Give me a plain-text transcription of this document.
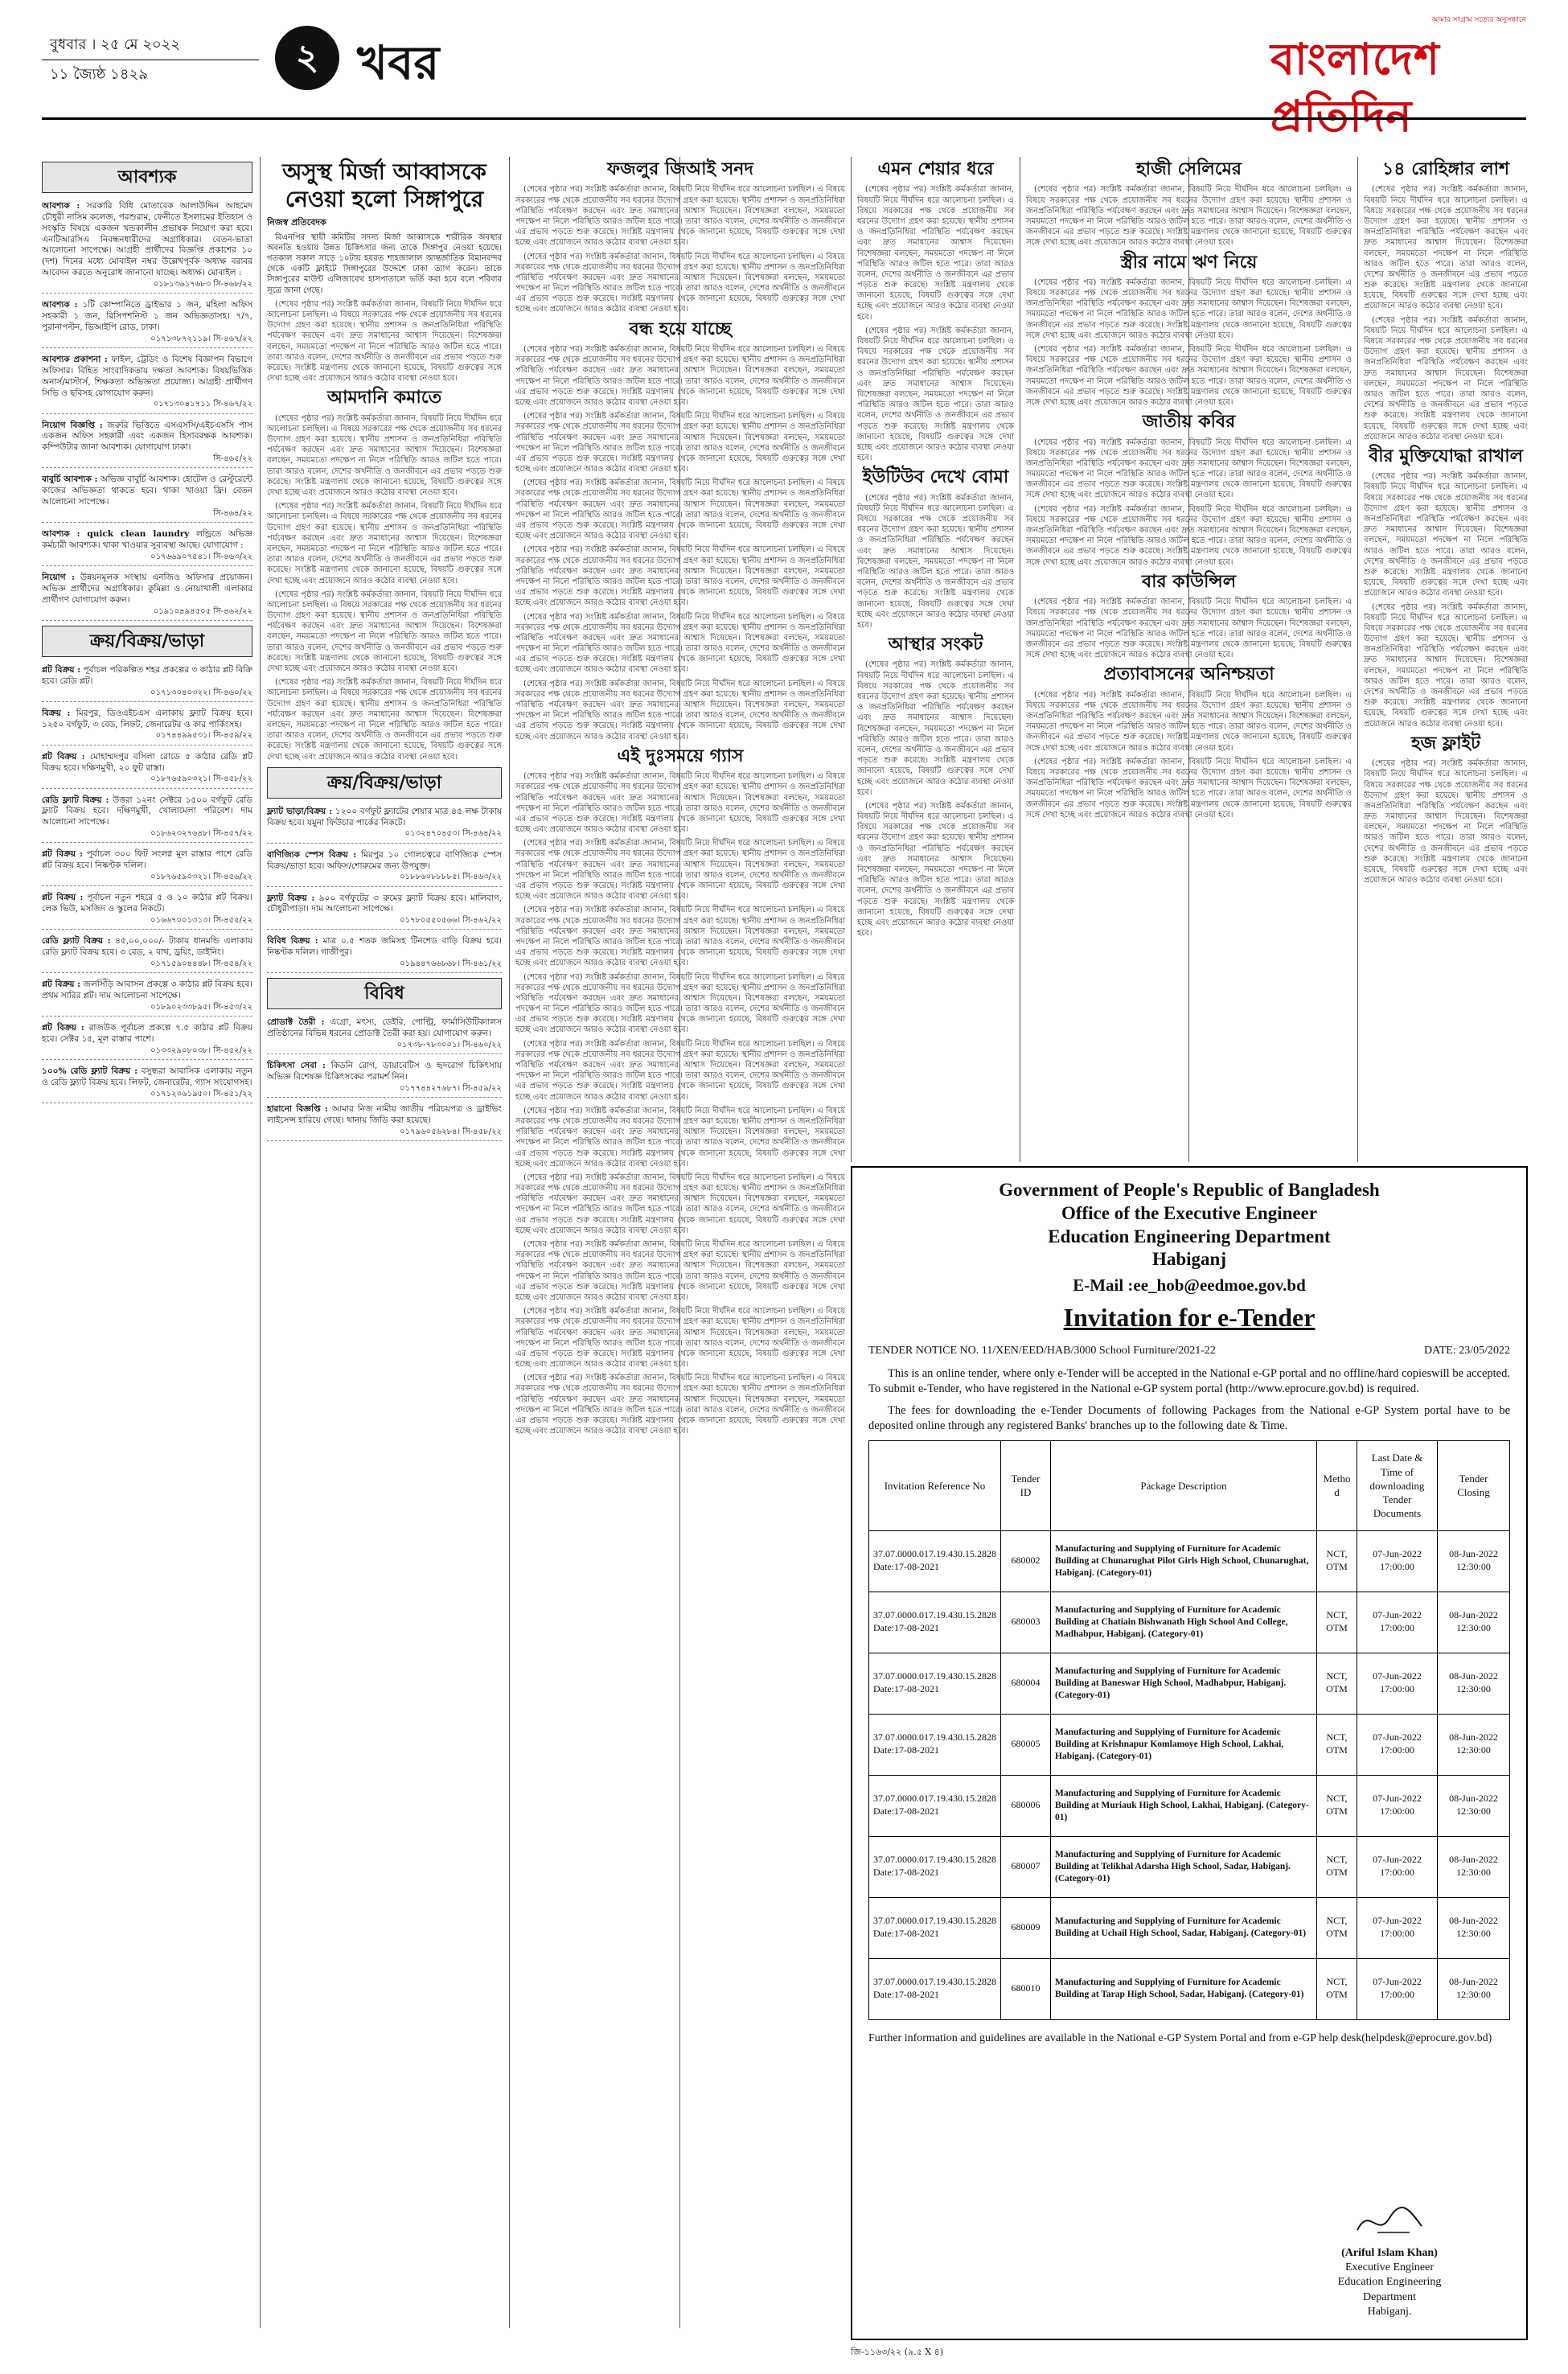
বুধবার । ২৫ মে ২০২২
১১ জ্যৈষ্ঠ ১৪২৯	২ খবর
আমার সংগ্রাম সত্যের অনুসন্ধানে
বাংলাদেশ প্রতিদিন
আবশ্যক
আবশ্যক : সরকারি বিধি মোতাবেক আলাউদ্দিন আহমেদ চৌধুরী নাসিম কলেজ, পরশুরাম, ফেনীতে ইসলামের ইতিহাস ও সংস্কৃতি বিষয়ে একজন খন্ডকালীন প্রভাষক নিয়োগ করা হবে। এনটিআরসিএ নিবন্ধনধারীদের অগ্রাধিকার। বেতন-ভাতা আলোচনা সাপেক্ষে। আগ্রহী প্রার্থীদের বিজ্ঞপ্তি প্রকাশের ১০ (দশ) দিনের মধ্যে মোবাইল নম্বর উল্লেখপূর্বক অধ্যক্ষ বরাবর আবেদন করতে অনুরোধ জানানো যাচ্ছে। অধ্যক্ষ। মোবাইল :
০১৮১৩৬১৭৬৮৩ সি-৪৬৮/২২
আবশ্যক : ১টি কোম্পানিতে ড্রাইভার ১ জন, মহিলা অফিস সহকারী ১ জন, রিসিপশনিস্ট ১ জন অভিজ্ঞতাসহ। ৭/৭, পুরানাপল্টন, ভিআইপি রোড, ঢাকা।
০১৭১৩৮৭২১১৯। সি-৪৬৭/২২
আবশ্যক প্রকাশনা : ফাইল, ট্রেডিং ও বিশেষ বিজ্ঞাপন বিভাগে অফিসার। বিহিত সাংবাদিকতায় দক্ষতা আবশ্যক। বিষয়ভিত্তিক অনার্স/মাস্টার্স, শিক্ষকতা অভিজ্ঞতা প্রযোজ্য। আগ্রহী প্রার্থীগণ সিভি ও ছবিসহ যোগাযোগ করুন।
০১৭১৩০৪১৭১১ সি-৪৬৭/২২
নিয়োগ বিজ্ঞপ্তি : জরুরি ভিত্তিতে এসএসসি/এইচএসসি পাস একজন অফিস সহকারী এবং একজন হিসাবরক্ষক আবশ্যক। কম্পিউটার জানা আবশ্যক। যোগাযোগ ঢাকা।
সি-৪৬৫/২২
বাবুর্চি আবশ্যক : অভিজ্ঞ বাবুর্চি আবশ্যক। হোটেল ও রেস্টুরেন্টে কাজের অভিজ্ঞতা থাকতে হবে। থাকা খাওয়া ফ্রি। বেতন আলোচনা সাপেক্ষে।
সি-৪৬৪/২২
আবশ্যক : quick clean laundry লন্ড্রিতে অভিজ্ঞ কর্মচারী আবশ্যক। থাকা খাওয়ার সুব্যবস্থা আছে। যোগাযোগ :
০১৭৬৬৯০৭৫৪১। সি-৪৬৩/২২
নিয়োগ : উন্নয়নমূলক সংস্থায় এনজিও অফিসার প্রয়োজন। অভিজ্ঞ প্রার্থীদের অগ্রাধিকার। কুমিল্লা ও নোয়াখালী এলাকার প্রার্থীগণ যোগাযোগ করুন।
০১৯১০৪৯৪৫০৫ সি-৪৬২/২২
ক্রয়/বিক্রয়/ভাড়া
প্লট বিক্রয় : পূর্বাচল পরিকল্পিত শহর প্রকল্পের ৩ কাঠার প্লট বিক্রি হবে। রেডি প্লট।
০১৭১৩০৪০৩২২। সি-৪৬০/২২
বিক্রয় : মিরপুর, ডিওএইচএস এলাকায় ফ্ল্যাট বিক্রয় হবে। ১২৫০ বর্গফুট, ৩ বেড, লিফট, জেনারেটর ও কার পার্কিংসহ।
০১৭৪৪৯৯৫৩১। সি-৪৫৯/২২
প্লট বিক্রয় : মোহাম্মদপুর বসিলা রোডে ৫ কাঠার রেডি প্লট বিক্রয় হবে। দক্ষিণমুখী, ২০ ফুট রাস্তা।
০১৮৭৬৫৯০৩২১। সি-৪৫৮/২২
রেডি ফ্ল্যাট বিক্রয় : উত্তরা ১২নং সেক্টরে ১৫০০ বর্গফুট রেডি ফ্ল্যাট বিক্রয় হবে। দক্ষিণমুখী, খোলামেলা পরিবেশ। দাম আলোচনা সাপেক্ষে।
০১৮৬২৩২৭৬৪৮। সি-৪৫৭/২২
প্লট বিক্রয় : পূর্বাচল ৩০০ ফিট সংলগ্ন মূল রাস্তার পাশে রেডি প্লট বিক্রয় হবে। নিষ্কণ্টক দলিল।
০১৮৭৬৫৯০৩২১। সি-৪৫৬/২২
প্লট বিক্রয় : পূর্বাচল নতুন শহরে ৫ ও ১০ কাঠার প্লট বিক্রয়। লেক ভিউ, মসজিদ ও স্কুলের নিকটে।
০১৬৬৭০০১৩১৩। সি-৪৫৫/২২
রেডি ফ্ল্যাট বিক্রয় : ৪৫,০০,০০০/- টাকায় ধানমন্ডি এলাকায় রেডি ফ্ল্যাট বিক্রয় হবে। ৩ বেড, ২ বাথ, ড্রয়িং, ডাইনিং।
০১৭১৫৯০৪৪৪৮। সি-৪৫৪/২২
প্লট বিক্রয় : জলসিঁড়ি আবাসন প্রকল্পে ৩ কাঠার প্লট বিক্রয় হবে। প্রথম সারির প্লট। দাম আলোচনা সাপেক্ষে।
০১৮৯০২৩৩৮৯৫। সি-৪৫৩/২২
প্লট বিক্রয় : রাজউক পূর্বাচল প্রকল্পে ৭.৫ কাঠার প্লট বিক্রয় হবে। সেক্টর ১৫, মূল রাস্তার পাশে।
০১৩৩২৯০৮০৩৮। সি-৪৫২/২২
১০০% রেডি ফ্ল্যাট বিক্রয় : বসুন্ধরা আবাসিক এলাকায় নতুন ও রেডি ফ্ল্যাট বিক্রয় হবে। লিফট, জেনারেটর, গ্যাস সংযোগসহ।
০১৭১২০৬১৯৫০। সি-৪৫১/২২
অসুস্থ মির্জা আব্বাসকে নেওয়া হলো সিঙ্গাপুরে
নিজস্ব প্রতিবেদক

বিএনপির স্থায়ী কমিটির সদস্য মির্জা আব্বাসকে শারীরিক অবস্থার অবনতি হওয়ায় উন্নত চিকিৎসার জন্য তাকে সিঙ্গাপুর নেওয়া হয়েছে। গতকাল সকাল সাড়ে ১০টায় হযরত শাহজালাল আন্তর্জাতিক বিমানবন্দর থেকে একটি ফ্লাইটে সিঙ্গাপুরের উদ্দেশে ঢাকা ত্যাগ করেন। তাকে সিঙ্গাপুরের মাউন্ট এলিজাবেথ হাসপাতালে ভর্তি করা হবে বলে পরিবার সূত্রে জানা গেছে।

(শেষের পৃষ্ঠার পর) সংশ্লিষ্ট কর্মকর্তারা জানান, বিষয়টি নিয়ে দীর্ঘদিন ধরে আলোচনা চলছিল। এ বিষয়ে সরকারের পক্ষ থেকে প্রয়োজনীয় সব ধরনের উদ্যোগ গ্রহণ করা হয়েছে। স্থানীয় প্রশাসন ও জনপ্রতিনিধিরা পরিস্থিতি পর্যবেক্ষণ করছেন এবং দ্রুত সমাধানের আশ্বাস দিয়েছেন। বিশেষজ্ঞরা বলছেন, সময়মতো পদক্ষেপ না নিলে পরিস্থিতি আরও জটিল হতে পারে। তারা আরও বলেন, দেশের অর্থনীতি ও জনজীবনে এর প্রভাব পড়তে শুরু করেছে। সংশ্লিষ্ট মন্ত্রণালয় থেকে জানানো হয়েছে, বিষয়টি গুরুত্বের সঙ্গে দেখা হচ্ছে এবং প্রয়োজনে আরও কঠোর ব্যবস্থা নেওয়া হবে।

আমদানি কমাতে

(শেষের পৃষ্ঠার পর) সংশ্লিষ্ট কর্মকর্তারা জানান, বিষয়টি নিয়ে দীর্ঘদিন ধরে আলোচনা চলছিল। এ বিষয়ে সরকারের পক্ষ থেকে প্রয়োজনীয় সব ধরনের উদ্যোগ গ্রহণ করা হয়েছে। স্থানীয় প্রশাসন ও জনপ্রতিনিধিরা পরিস্থিতি পর্যবেক্ষণ করছেন এবং দ্রুত সমাধানের আশ্বাস দিয়েছেন। বিশেষজ্ঞরা বলছেন, সময়মতো পদক্ষেপ না নিলে পরিস্থিতি আরও জটিল হতে পারে। তারা আরও বলেন, দেশের অর্থনীতি ও জনজীবনে এর প্রভাব পড়তে শুরু করেছে। সংশ্লিষ্ট মন্ত্রণালয় থেকে জানানো হয়েছে, বিষয়টি গুরুত্বের সঙ্গে দেখা হচ্ছে এবং প্রয়োজনে আরও কঠোর ব্যবস্থা নেওয়া হবে।

(শেষের পৃষ্ঠার পর) সংশ্লিষ্ট কর্মকর্তারা জানান, বিষয়টি নিয়ে দীর্ঘদিন ধরে আলোচনা চলছিল। এ বিষয়ে সরকারের পক্ষ থেকে প্রয়োজনীয় সব ধরনের উদ্যোগ গ্রহণ করা হয়েছে। স্থানীয় প্রশাসন ও জনপ্রতিনিধিরা পরিস্থিতি পর্যবেক্ষণ করছেন এবং দ্রুত সমাধানের আশ্বাস দিয়েছেন। বিশেষজ্ঞরা বলছেন, সময়মতো পদক্ষেপ না নিলে পরিস্থিতি আরও জটিল হতে পারে। তারা আরও বলেন, দেশের অর্থনীতি ও জনজীবনে এর প্রভাব পড়তে শুরু করেছে। সংশ্লিষ্ট মন্ত্রণালয় থেকে জানানো হয়েছে, বিষয়টি গুরুত্বের সঙ্গে দেখা হচ্ছে এবং প্রয়োজনে আরও কঠোর ব্যবস্থা নেওয়া হবে।

(শেষের পৃষ্ঠার পর) সংশ্লিষ্ট কর্মকর্তারা জানান, বিষয়টি নিয়ে দীর্ঘদিন ধরে আলোচনা চলছিল। এ বিষয়ে সরকারের পক্ষ থেকে প্রয়োজনীয় সব ধরনের উদ্যোগ গ্রহণ করা হয়েছে। স্থানীয় প্রশাসন ও জনপ্রতিনিধিরা পরিস্থিতি পর্যবেক্ষণ করছেন এবং দ্রুত সমাধানের আশ্বাস দিয়েছেন। বিশেষজ্ঞরা বলছেন, সময়মতো পদক্ষেপ না নিলে পরিস্থিতি আরও জটিল হতে পারে। তারা আরও বলেন, দেশের অর্থনীতি ও জনজীবনে এর প্রভাব পড়তে শুরু করেছে। সংশ্লিষ্ট মন্ত্রণালয় থেকে জানানো হয়েছে, বিষয়টি গুরুত্বের সঙ্গে দেখা হচ্ছে এবং প্রয়োজনে আরও কঠোর ব্যবস্থা নেওয়া হবে।

(শেষের পৃষ্ঠার পর) সংশ্লিষ্ট কর্মকর্তারা জানান, বিষয়টি নিয়ে দীর্ঘদিন ধরে আলোচনা চলছিল। এ বিষয়ে সরকারের পক্ষ থেকে প্রয়োজনীয় সব ধরনের উদ্যোগ গ্রহণ করা হয়েছে। স্থানীয় প্রশাসন ও জনপ্রতিনিধিরা পরিস্থিতি পর্যবেক্ষণ করছেন এবং দ্রুত সমাধানের আশ্বাস দিয়েছেন। বিশেষজ্ঞরা বলছেন, সময়মতো পদক্ষেপ না নিলে পরিস্থিতি আরও জটিল হতে পারে। তারা আরও বলেন, দেশের অর্থনীতি ও জনজীবনে এর প্রভাব পড়তে শুরু করেছে। সংশ্লিষ্ট মন্ত্রণালয় থেকে জানানো হয়েছে, বিষয়টি গুরুত্বের সঙ্গে দেখা হচ্ছে এবং প্রয়োজনে আরও কঠোর ব্যবস্থা নেওয়া হবে।

ক্রয়/বিক্রয়/ভাড়া
ফ্ল্যাট ভাড়া/বিক্রয় : ১২০০ বর্গফুট ফ্ল্যাটের শেয়ার মাত্র ৪৫ লক্ষ টাকায় বিক্রয় হবে। যমুনা ফিউচার পার্কের নিকটে।
০১৩২৪৭০৪৫৩। সি-৪৬৪/২২
বাণিজ্যিক স্পেস বিক্রয় : মিরপুর ১০ গোলচত্বরে বাণিজ্যিক স্পেস বিক্রয়/ভাড়া হবে। অফিস/শোরুমের জন্য উপযুক্ত।
০১৮৮৬০৮৮৮৮৫। সি-৪৬৩/২২
ফ্ল্যাট বিক্রয় : ৯০০ বর্গফুটের ৩ রুমের ফ্ল্যাট বিক্রয় হবে। মালিবাগ, চৌধুরীপাড়া। দাম আলোচনা সাপেক্ষে।
০১৭৮০৫৫০৫৬৬। সি-৪৬২/২২
বিবিধ বিক্রয় : মাত্র ০.৫ শতক জমিসহ টিনশেড বাড়ি বিক্রয় হবে। নিষ্কণ্টক দলিল। গাজীপুর।
০১৯৪৪৭৬৬৮৬৮। সি-৪৬১/২২
বিবিধ
প্রোডাক্ট তৈরী : এগ্রো, মৎস্য, ডেইরি, পোল্ট্রি, ফার্মাসিউটিক্যালস প্রতিষ্ঠানের বিভিন্ন ধরনের প্রোডাক্ট তৈরী করা হয়। যোগাযোগ করুন।
০১৭৩৮-৭৮৩০০১। সি-৪৬০/২২
চিকিৎসা সেবা : কিডনি রোগ, ডায়াবেটিস ও হৃদরোগ চিকিৎসায় অভিজ্ঞ বিশেষজ্ঞ চিকিৎসকের পরামর্শ নিন।
০১৭৭৪৪২৭৬৮৭। সি-৪৫৯/২২
হারানো বিজ্ঞপ্তি : আমার নিজ নামীয় জাতীয় পরিচয়পত্র ও ড্রাইভিং লাইসেন্স হারিয়ে গেছে। থানায় জিডি করা হয়েছে।
০১৭৯৬০৫৬২৮৪। সি-৪৫৮/২২
ফজলুর জিআই সনদ

(শেষের পৃষ্ঠার পর) সংশ্লিষ্ট কর্মকর্তারা জানান, বিষয়টি নিয়ে দীর্ঘদিন ধরে আলোচনা চলছিল। এ বিষয়ে সরকারের পক্ষ থেকে প্রয়োজনীয় সব ধরনের উদ্যোগ গ্রহণ করা হয়েছে। স্থানীয় প্রশাসন ও জনপ্রতিনিধিরা পরিস্থিতি পর্যবেক্ষণ করছেন এবং দ্রুত সমাধানের আশ্বাস দিয়েছেন। বিশেষজ্ঞরা বলছেন, সময়মতো পদক্ষেপ না নিলে পরিস্থিতি আরও জটিল হতে পারে। তারা আরও বলেন, দেশের অর্থনীতি ও জনজীবনে এর প্রভাব পড়তে শুরু করেছে। সংশ্লিষ্ট মন্ত্রণালয় থেকে জানানো হয়েছে, বিষয়টি গুরুত্বের সঙ্গে দেখা হচ্ছে এবং প্রয়োজনে আরও কঠোর ব্যবস্থা নেওয়া হবে।

(শেষের পৃষ্ঠার পর) সংশ্লিষ্ট কর্মকর্তারা জানান, বিষয়টি নিয়ে দীর্ঘদিন ধরে আলোচনা চলছিল। এ বিষয়ে সরকারের পক্ষ থেকে প্রয়োজনীয় সব ধরনের উদ্যোগ গ্রহণ করা হয়েছে। স্থানীয় প্রশাসন ও জনপ্রতিনিধিরা পরিস্থিতি পর্যবেক্ষণ করছেন এবং দ্রুত সমাধানের আশ্বাস দিয়েছেন। বিশেষজ্ঞরা বলছেন, সময়মতো পদক্ষেপ না নিলে পরিস্থিতি আরও জটিল হতে পারে। তারা আরও বলেন, দেশের অর্থনীতি ও জনজীবনে এর প্রভাব পড়তে শুরু করেছে। সংশ্লিষ্ট মন্ত্রণালয় থেকে জানানো হয়েছে, বিষয়টি গুরুত্বের সঙ্গে দেখা হচ্ছে এবং প্রয়োজনে আরও কঠোর ব্যবস্থা নেওয়া হবে।

বন্ধ হয়ে যাচ্ছে

(শেষের পৃষ্ঠার পর) সংশ্লিষ্ট কর্মকর্তারা জানান, বিষয়টি নিয়ে দীর্ঘদিন ধরে আলোচনা চলছিল। এ বিষয়ে সরকারের পক্ষ থেকে প্রয়োজনীয় সব ধরনের উদ্যোগ গ্রহণ করা হয়েছে। স্থানীয় প্রশাসন ও জনপ্রতিনিধিরা পরিস্থিতি পর্যবেক্ষণ করছেন এবং দ্রুত সমাধানের আশ্বাস দিয়েছেন। বিশেষজ্ঞরা বলছেন, সময়মতো পদক্ষেপ না নিলে পরিস্থিতি আরও জটিল হতে পারে। তারা আরও বলেন, দেশের অর্থনীতি ও জনজীবনে এর প্রভাব পড়তে শুরু করেছে। সংশ্লিষ্ট মন্ত্রণালয় থেকে জানানো হয়েছে, বিষয়টি গুরুত্বের সঙ্গে দেখা হচ্ছে এবং প্রয়োজনে আরও কঠোর ব্যবস্থা নেওয়া হবে।

(শেষের পৃষ্ঠার পর) সংশ্লিষ্ট কর্মকর্তারা জানান, বিষয়টি নিয়ে দীর্ঘদিন ধরে আলোচনা চলছিল। এ বিষয়ে সরকারের পক্ষ থেকে প্রয়োজনীয় সব ধরনের উদ্যোগ গ্রহণ করা হয়েছে। স্থানীয় প্রশাসন ও জনপ্রতিনিধিরা পরিস্থিতি পর্যবেক্ষণ করছেন এবং দ্রুত সমাধানের আশ্বাস দিয়েছেন। বিশেষজ্ঞরা বলছেন, সময়মতো পদক্ষেপ না নিলে পরিস্থিতি আরও জটিল হতে পারে। তারা আরও বলেন, দেশের অর্থনীতি ও জনজীবনে এর প্রভাব পড়তে শুরু করেছে। সংশ্লিষ্ট মন্ত্রণালয় থেকে জানানো হয়েছে, বিষয়টি গুরুত্বের সঙ্গে দেখা হচ্ছে এবং প্রয়োজনে আরও কঠোর ব্যবস্থা নেওয়া হবে।

(শেষের পৃষ্ঠার পর) সংশ্লিষ্ট কর্মকর্তারা জানান, বিষয়টি নিয়ে দীর্ঘদিন ধরে আলোচনা চলছিল। এ বিষয়ে সরকারের পক্ষ থেকে প্রয়োজনীয় সব ধরনের উদ্যোগ গ্রহণ করা হয়েছে। স্থানীয় প্রশাসন ও জনপ্রতিনিধিরা পরিস্থিতি পর্যবেক্ষণ করছেন এবং দ্রুত সমাধানের আশ্বাস দিয়েছেন। বিশেষজ্ঞরা বলছেন, সময়মতো পদক্ষেপ না নিলে পরিস্থিতি আরও জটিল হতে পারে। তারা আরও বলেন, দেশের অর্থনীতি ও জনজীবনে এর প্রভাব পড়তে শুরু করেছে। সংশ্লিষ্ট মন্ত্রণালয় থেকে জানানো হয়েছে, বিষয়টি গুরুত্বের সঙ্গে দেখা হচ্ছে এবং প্রয়োজনে আরও কঠোর ব্যবস্থা নেওয়া হবে।

(শেষের পৃষ্ঠার পর) সংশ্লিষ্ট কর্মকর্তারা জানান, বিষয়টি নিয়ে দীর্ঘদিন ধরে আলোচনা চলছিল। এ বিষয়ে সরকারের পক্ষ থেকে প্রয়োজনীয় সব ধরনের উদ্যোগ গ্রহণ করা হয়েছে। স্থানীয় প্রশাসন ও জনপ্রতিনিধিরা পরিস্থিতি পর্যবেক্ষণ করছেন এবং দ্রুত সমাধানের আশ্বাস দিয়েছেন। বিশেষজ্ঞরা বলছেন, সময়মতো পদক্ষেপ না নিলে পরিস্থিতি আরও জটিল হতে পারে। তারা আরও বলেন, দেশের অর্থনীতি ও জনজীবনে এর প্রভাব পড়তে শুরু করেছে। সংশ্লিষ্ট মন্ত্রণালয় থেকে জানানো হয়েছে, বিষয়টি গুরুত্বের সঙ্গে দেখা হচ্ছে এবং প্রয়োজনে আরও কঠোর ব্যবস্থা নেওয়া হবে।

(শেষের পৃষ্ঠার পর) সংশ্লিষ্ট কর্মকর্তারা জানান, বিষয়টি নিয়ে দীর্ঘদিন ধরে আলোচনা চলছিল। এ বিষয়ে সরকারের পক্ষ থেকে প্রয়োজনীয় সব ধরনের উদ্যোগ গ্রহণ করা হয়েছে। স্থানীয় প্রশাসন ও জনপ্রতিনিধিরা পরিস্থিতি পর্যবেক্ষণ করছেন এবং দ্রুত সমাধানের আশ্বাস দিয়েছেন। বিশেষজ্ঞরা বলছেন, সময়মতো পদক্ষেপ না নিলে পরিস্থিতি আরও জটিল হতে পারে। তারা আরও বলেন, দেশের অর্থনীতি ও জনজীবনে এর প্রভাব পড়তে শুরু করেছে। সংশ্লিষ্ট মন্ত্রণালয় থেকে জানানো হয়েছে, বিষয়টি গুরুত্বের সঙ্গে দেখা হচ্ছে এবং প্রয়োজনে আরও কঠোর ব্যবস্থা নেওয়া হবে।

(শেষের পৃষ্ঠার পর) সংশ্লিষ্ট কর্মকর্তারা জানান, বিষয়টি নিয়ে দীর্ঘদিন ধরে আলোচনা চলছিল। এ বিষয়ে সরকারের পক্ষ থেকে প্রয়োজনীয় সব ধরনের উদ্যোগ গ্রহণ করা হয়েছে। স্থানীয় প্রশাসন ও জনপ্রতিনিধিরা পরিস্থিতি পর্যবেক্ষণ করছেন এবং দ্রুত সমাধানের আশ্বাস দিয়েছেন। বিশেষজ্ঞরা বলছেন, সময়মতো পদক্ষেপ না নিলে পরিস্থিতি আরও জটিল হতে পারে। তারা আরও বলেন, দেশের অর্থনীতি ও জনজীবনে এর প্রভাব পড়তে শুরু করেছে। সংশ্লিষ্ট মন্ত্রণালয় থেকে জানানো হয়েছে, বিষয়টি গুরুত্বের সঙ্গে দেখা হচ্ছে এবং প্রয়োজনে আরও কঠোর ব্যবস্থা নেওয়া হবে।

এই দুঃসময়ে গ্যাস

(শেষের পৃষ্ঠার পর) সংশ্লিষ্ট কর্মকর্তারা জানান, বিষয়টি নিয়ে দীর্ঘদিন ধরে আলোচনা চলছিল। এ বিষয়ে সরকারের পক্ষ থেকে প্রয়োজনীয় সব ধরনের উদ্যোগ গ্রহণ করা হয়েছে। স্থানীয় প্রশাসন ও জনপ্রতিনিধিরা পরিস্থিতি পর্যবেক্ষণ করছেন এবং দ্রুত সমাধানের আশ্বাস দিয়েছেন। বিশেষজ্ঞরা বলছেন, সময়মতো পদক্ষেপ না নিলে পরিস্থিতি আরও জটিল হতে পারে। তারা আরও বলেন, দেশের অর্থনীতি ও জনজীবনে এর প্রভাব পড়তে শুরু করেছে। সংশ্লিষ্ট মন্ত্রণালয় থেকে জানানো হয়েছে, বিষয়টি গুরুত্বের সঙ্গে দেখা হচ্ছে এবং প্রয়োজনে আরও কঠোর ব্যবস্থা নেওয়া হবে।

(শেষের পৃষ্ঠার পর) সংশ্লিষ্ট কর্মকর্তারা জানান, বিষয়টি নিয়ে দীর্ঘদিন ধরে আলোচনা চলছিল। এ বিষয়ে সরকারের পক্ষ থেকে প্রয়োজনীয় সব ধরনের উদ্যোগ গ্রহণ করা হয়েছে। স্থানীয় প্রশাসন ও জনপ্রতিনিধিরা পরিস্থিতি পর্যবেক্ষণ করছেন এবং দ্রুত সমাধানের আশ্বাস দিয়েছেন। বিশেষজ্ঞরা বলছেন, সময়মতো পদক্ষেপ না নিলে পরিস্থিতি আরও জটিল হতে পারে। তারা আরও বলেন, দেশের অর্থনীতি ও জনজীবনে এর প্রভাব পড়তে শুরু করেছে। সংশ্লিষ্ট মন্ত্রণালয় থেকে জানানো হয়েছে, বিষয়টি গুরুত্বের সঙ্গে দেখা হচ্ছে এবং প্রয়োজনে আরও কঠোর ব্যবস্থা নেওয়া হবে।

(শেষের পৃষ্ঠার পর) সংশ্লিষ্ট কর্মকর্তারা জানান, বিষয়টি নিয়ে দীর্ঘদিন ধরে আলোচনা চলছিল। এ বিষয়ে সরকারের পক্ষ থেকে প্রয়োজনীয় সব ধরনের উদ্যোগ গ্রহণ করা হয়েছে। স্থানীয় প্রশাসন ও জনপ্রতিনিধিরা পরিস্থিতি পর্যবেক্ষণ করছেন এবং দ্রুত সমাধানের আশ্বাস দিয়েছেন। বিশেষজ্ঞরা বলছেন, সময়মতো পদক্ষেপ না নিলে পরিস্থিতি আরও জটিল হতে পারে। তারা আরও বলেন, দেশের অর্থনীতি ও জনজীবনে এর প্রভাব পড়তে শুরু করেছে। সংশ্লিষ্ট মন্ত্রণালয় থেকে জানানো হয়েছে, বিষয়টি গুরুত্বের সঙ্গে দেখা হচ্ছে এবং প্রয়োজনে আরও কঠোর ব্যবস্থা নেওয়া হবে।

(শেষের পৃষ্ঠার পর) সংশ্লিষ্ট কর্মকর্তারা জানান, বিষয়টি নিয়ে দীর্ঘদিন ধরে আলোচনা চলছিল। এ বিষয়ে সরকারের পক্ষ থেকে প্রয়োজনীয় সব ধরনের উদ্যোগ গ্রহণ করা হয়েছে। স্থানীয় প্রশাসন ও জনপ্রতিনিধিরা পরিস্থিতি পর্যবেক্ষণ করছেন এবং দ্রুত সমাধানের আশ্বাস দিয়েছেন। বিশেষজ্ঞরা বলছেন, সময়মতো পদক্ষেপ না নিলে পরিস্থিতি আরও জটিল হতে পারে। তারা আরও বলেন, দেশের অর্থনীতি ও জনজীবনে এর প্রভাব পড়তে শুরু করেছে। সংশ্লিষ্ট মন্ত্রণালয় থেকে জানানো হয়েছে, বিষয়টি গুরুত্বের সঙ্গে দেখা হচ্ছে এবং প্রয়োজনে আরও কঠোর ব্যবস্থা নেওয়া হবে।

(শেষের পৃষ্ঠার পর) সংশ্লিষ্ট কর্মকর্তারা জানান, বিষয়টি নিয়ে দীর্ঘদিন ধরে আলোচনা চলছিল। এ বিষয়ে সরকারের পক্ষ থেকে প্রয়োজনীয় সব ধরনের উদ্যোগ গ্রহণ করা হয়েছে। স্থানীয় প্রশাসন ও জনপ্রতিনিধিরা পরিস্থিতি পর্যবেক্ষণ করছেন এবং দ্রুত সমাধানের আশ্বাস দিয়েছেন। বিশেষজ্ঞরা বলছেন, সময়মতো পদক্ষেপ না নিলে পরিস্থিতি আরও জটিল হতে পারে। তারা আরও বলেন, দেশের অর্থনীতি ও জনজীবনে এর প্রভাব পড়তে শুরু করেছে। সংশ্লিষ্ট মন্ত্রণালয় থেকে জানানো হয়েছে, বিষয়টি গুরুত্বের সঙ্গে দেখা হচ্ছে এবং প্রয়োজনে আরও কঠোর ব্যবস্থা নেওয়া হবে।

(শেষের পৃষ্ঠার পর) সংশ্লিষ্ট কর্মকর্তারা জানান, বিষয়টি নিয়ে দীর্ঘদিন ধরে আলোচনা চলছিল। এ বিষয়ে সরকারের পক্ষ থেকে প্রয়োজনীয় সব ধরনের উদ্যোগ গ্রহণ করা হয়েছে। স্থানীয় প্রশাসন ও জনপ্রতিনিধিরা পরিস্থিতি পর্যবেক্ষণ করছেন এবং দ্রুত সমাধানের আশ্বাস দিয়েছেন। বিশেষজ্ঞরা বলছেন, সময়মতো পদক্ষেপ না নিলে পরিস্থিতি আরও জটিল হতে পারে। তারা আরও বলেন, দেশের অর্থনীতি ও জনজীবনে এর প্রভাব পড়তে শুরু করেছে। সংশ্লিষ্ট মন্ত্রণালয় থেকে জানানো হয়েছে, বিষয়টি গুরুত্বের সঙ্গে দেখা হচ্ছে এবং প্রয়োজনে আরও কঠোর ব্যবস্থা নেওয়া হবে।

(শেষের পৃষ্ঠার পর) সংশ্লিষ্ট কর্মকর্তারা জানান, বিষয়টি নিয়ে দীর্ঘদিন ধরে আলোচনা চলছিল। এ বিষয়ে সরকারের পক্ষ থেকে প্রয়োজনীয় সব ধরনের উদ্যোগ গ্রহণ করা হয়েছে। স্থানীয় প্রশাসন ও জনপ্রতিনিধিরা পরিস্থিতি পর্যবেক্ষণ করছেন এবং দ্রুত সমাধানের আশ্বাস দিয়েছেন। বিশেষজ্ঞরা বলছেন, সময়মতো পদক্ষেপ না নিলে পরিস্থিতি আরও জটিল হতে পারে। তারা আরও বলেন, দেশের অর্থনীতি ও জনজীবনে এর প্রভাব পড়তে শুরু করেছে। সংশ্লিষ্ট মন্ত্রণালয় থেকে জানানো হয়েছে, বিষয়টি গুরুত্বের সঙ্গে দেখা হচ্ছে এবং প্রয়োজনে আরও কঠোর ব্যবস্থা নেওয়া হবে।

(শেষের পৃষ্ঠার পর) সংশ্লিষ্ট কর্মকর্তারা জানান, বিষয়টি নিয়ে দীর্ঘদিন ধরে আলোচনা চলছিল। এ বিষয়ে সরকারের পক্ষ থেকে প্রয়োজনীয় সব ধরনের উদ্যোগ গ্রহণ করা হয়েছে। স্থানীয় প্রশাসন ও জনপ্রতিনিধিরা পরিস্থিতি পর্যবেক্ষণ করছেন এবং দ্রুত সমাধানের আশ্বাস দিয়েছেন। বিশেষজ্ঞরা বলছেন, সময়মতো পদক্ষেপ না নিলে পরিস্থিতি আরও জটিল হতে পারে। তারা আরও বলেন, দেশের অর্থনীতি ও জনজীবনে এর প্রভাব পড়তে শুরু করেছে। সংশ্লিষ্ট মন্ত্রণালয় থেকে জানানো হয়েছে, বিষয়টি গুরুত্বের সঙ্গে দেখা হচ্ছে এবং প্রয়োজনে আরও কঠোর ব্যবস্থা নেওয়া হবে।

(শেষের পৃষ্ঠার পর) সংশ্লিষ্ট কর্মকর্তারা জানান, বিষয়টি নিয়ে দীর্ঘদিন ধরে আলোচনা চলছিল। এ বিষয়ে সরকারের পক্ষ থেকে প্রয়োজনীয় সব ধরনের উদ্যোগ গ্রহণ করা হয়েছে। স্থানীয় প্রশাসন ও জনপ্রতিনিধিরা পরিস্থিতি পর্যবেক্ষণ করছেন এবং দ্রুত সমাধানের আশ্বাস দিয়েছেন। বিশেষজ্ঞরা বলছেন, সময়মতো পদক্ষেপ না নিলে পরিস্থিতি আরও জটিল হতে পারে। তারা আরও বলেন, দেশের অর্থনীতি ও জনজীবনে এর প্রভাব পড়তে শুরু করেছে। সংশ্লিষ্ট মন্ত্রণালয় থেকে জানানো হয়েছে, বিষয়টি গুরুত্বের সঙ্গে দেখা হচ্ছে এবং প্রয়োজনে আরও কঠোর ব্যবস্থা নেওয়া হবে।

(শেষের পৃষ্ঠার পর) সংশ্লিষ্ট কর্মকর্তারা জানান, বিষয়টি নিয়ে দীর্ঘদিন ধরে আলোচনা চলছিল। এ বিষয়ে সরকারের পক্ষ থেকে প্রয়োজনীয় সব ধরনের উদ্যোগ গ্রহণ করা হয়েছে। স্থানীয় প্রশাসন ও জনপ্রতিনিধিরা পরিস্থিতি পর্যবেক্ষণ করছেন এবং দ্রুত সমাধানের আশ্বাস দিয়েছেন। বিশেষজ্ঞরা বলছেন, সময়মতো পদক্ষেপ না নিলে পরিস্থিতি আরও জটিল হতে পারে। তারা আরও বলেন, দেশের অর্থনীতি ও জনজীবনে এর প্রভাব পড়তে শুরু করেছে। সংশ্লিষ্ট মন্ত্রণালয় থেকে জানানো হয়েছে, বিষয়টি গুরুত্বের সঙ্গে দেখা হচ্ছে এবং প্রয়োজনে আরও কঠোর ব্যবস্থা নেওয়া হবে।

এমন শেয়ার ধরে

(শেষের পৃষ্ঠার পর) সংশ্লিষ্ট কর্মকর্তারা জানান, বিষয়টি নিয়ে দীর্ঘদিন ধরে আলোচনা চলছিল। এ বিষয়ে সরকারের পক্ষ থেকে প্রয়োজনীয় সব ধরনের উদ্যোগ গ্রহণ করা হয়েছে। স্থানীয় প্রশাসন ও জনপ্রতিনিধিরা পরিস্থিতি পর্যবেক্ষণ করছেন এবং দ্রুত সমাধানের আশ্বাস দিয়েছেন। বিশেষজ্ঞরা বলছেন, সময়মতো পদক্ষেপ না নিলে পরিস্থিতি আরও জটিল হতে পারে। তারা আরও বলেন, দেশের অর্থনীতি ও জনজীবনে এর প্রভাব পড়তে শুরু করেছে। সংশ্লিষ্ট মন্ত্রণালয় থেকে জানানো হয়েছে, বিষয়টি গুরুত্বের সঙ্গে দেখা হচ্ছে এবং প্রয়োজনে আরও কঠোর ব্যবস্থা নেওয়া হবে।

(শেষের পৃষ্ঠার পর) সংশ্লিষ্ট কর্মকর্তারা জানান, বিষয়টি নিয়ে দীর্ঘদিন ধরে আলোচনা চলছিল। এ বিষয়ে সরকারের পক্ষ থেকে প্রয়োজনীয় সব ধরনের উদ্যোগ গ্রহণ করা হয়েছে। স্থানীয় প্রশাসন ও জনপ্রতিনিধিরা পরিস্থিতি পর্যবেক্ষণ করছেন এবং দ্রুত সমাধানের আশ্বাস দিয়েছেন। বিশেষজ্ঞরা বলছেন, সময়মতো পদক্ষেপ না নিলে পরিস্থিতি আরও জটিল হতে পারে। তারা আরও বলেন, দেশের অর্থনীতি ও জনজীবনে এর প্রভাব পড়তে শুরু করেছে। সংশ্লিষ্ট মন্ত্রণালয় থেকে জানানো হয়েছে, বিষয়টি গুরুত্বের সঙ্গে দেখা হচ্ছে এবং প্রয়োজনে আরও কঠোর ব্যবস্থা নেওয়া হবে।

ইউটিউব দেখে বোমা

(শেষের পৃষ্ঠার পর) সংশ্লিষ্ট কর্মকর্তারা জানান, বিষয়টি নিয়ে দীর্ঘদিন ধরে আলোচনা চলছিল। এ বিষয়ে সরকারের পক্ষ থেকে প্রয়োজনীয় সব ধরনের উদ্যোগ গ্রহণ করা হয়েছে। স্থানীয় প্রশাসন ও জনপ্রতিনিধিরা পরিস্থিতি পর্যবেক্ষণ করছেন এবং দ্রুত সমাধানের আশ্বাস দিয়েছেন। বিশেষজ্ঞরা বলছেন, সময়মতো পদক্ষেপ না নিলে পরিস্থিতি আরও জটিল হতে পারে। তারা আরও বলেন, দেশের অর্থনীতি ও জনজীবনে এর প্রভাব পড়তে শুরু করেছে। সংশ্লিষ্ট মন্ত্রণালয় থেকে জানানো হয়েছে, বিষয়টি গুরুত্বের সঙ্গে দেখা হচ্ছে এবং প্রয়োজনে আরও কঠোর ব্যবস্থা নেওয়া হবে।

আস্থার সংকট

(শেষের পৃষ্ঠার পর) সংশ্লিষ্ট কর্মকর্তারা জানান, বিষয়টি নিয়ে দীর্ঘদিন ধরে আলোচনা চলছিল। এ বিষয়ে সরকারের পক্ষ থেকে প্রয়োজনীয় সব ধরনের উদ্যোগ গ্রহণ করা হয়েছে। স্থানীয় প্রশাসন ও জনপ্রতিনিধিরা পরিস্থিতি পর্যবেক্ষণ করছেন এবং দ্রুত সমাধানের আশ্বাস দিয়েছেন। বিশেষজ্ঞরা বলছেন, সময়মতো পদক্ষেপ না নিলে পরিস্থিতি আরও জটিল হতে পারে। তারা আরও বলেন, দেশের অর্থনীতি ও জনজীবনে এর প্রভাব পড়তে শুরু করেছে। সংশ্লিষ্ট মন্ত্রণালয় থেকে জানানো হয়েছে, বিষয়টি গুরুত্বের সঙ্গে দেখা হচ্ছে এবং প্রয়োজনে আরও কঠোর ব্যবস্থা নেওয়া হবে।

(শেষের পৃষ্ঠার পর) সংশ্লিষ্ট কর্মকর্তারা জানান, বিষয়টি নিয়ে দীর্ঘদিন ধরে আলোচনা চলছিল। এ বিষয়ে সরকারের পক্ষ থেকে প্রয়োজনীয় সব ধরনের উদ্যোগ গ্রহণ করা হয়েছে। স্থানীয় প্রশাসন ও জনপ্রতিনিধিরা পরিস্থিতি পর্যবেক্ষণ করছেন এবং দ্রুত সমাধানের আশ্বাস দিয়েছেন। বিশেষজ্ঞরা বলছেন, সময়মতো পদক্ষেপ না নিলে পরিস্থিতি আরও জটিল হতে পারে। তারা আরও বলেন, দেশের অর্থনীতি ও জনজীবনে এর প্রভাব পড়তে শুরু করেছে। সংশ্লিষ্ট মন্ত্রণালয় থেকে জানানো হয়েছে, বিষয়টি গুরুত্বের সঙ্গে দেখা হচ্ছে এবং প্রয়োজনে আরও কঠোর ব্যবস্থা নেওয়া হবে।

হাজী সেলিমের

(শেষের পৃষ্ঠার পর) সংশ্লিষ্ট কর্মকর্তারা জানান, বিষয়টি নিয়ে দীর্ঘদিন ধরে আলোচনা চলছিল। এ বিষয়ে সরকারের পক্ষ থেকে প্রয়োজনীয় সব ধরনের উদ্যোগ গ্রহণ করা হয়েছে। স্থানীয় প্রশাসন ও জনপ্রতিনিধিরা পরিস্থিতি পর্যবেক্ষণ করছেন এবং দ্রুত সমাধানের আশ্বাস দিয়েছেন। বিশেষজ্ঞরা বলছেন, সময়মতো পদক্ষেপ না নিলে পরিস্থিতি আরও জটিল হতে পারে। তারা আরও বলেন, দেশের অর্থনীতি ও জনজীবনে এর প্রভাব পড়তে শুরু করেছে। সংশ্লিষ্ট মন্ত্রণালয় থেকে জানানো হয়েছে, বিষয়টি গুরুত্বের সঙ্গে দেখা হচ্ছে এবং প্রয়োজনে আরও কঠোর ব্যবস্থা নেওয়া হবে।

স্ত্রীর নামে ঋণ নিয়ে

(শেষের পৃষ্ঠার পর) সংশ্লিষ্ট কর্মকর্তারা জানান, বিষয়টি নিয়ে দীর্ঘদিন ধরে আলোচনা চলছিল। এ বিষয়ে সরকারের পক্ষ থেকে প্রয়োজনীয় সব ধরনের উদ্যোগ গ্রহণ করা হয়েছে। স্থানীয় প্রশাসন ও জনপ্রতিনিধিরা পরিস্থিতি পর্যবেক্ষণ করছেন এবং দ্রুত সমাধানের আশ্বাস দিয়েছেন। বিশেষজ্ঞরা বলছেন, সময়মতো পদক্ষেপ না নিলে পরিস্থিতি আরও জটিল হতে পারে। তারা আরও বলেন, দেশের অর্থনীতি ও জনজীবনে এর প্রভাব পড়তে শুরু করেছে। সংশ্লিষ্ট মন্ত্রণালয় থেকে জানানো হয়েছে, বিষয়টি গুরুত্বের সঙ্গে দেখা হচ্ছে এবং প্রয়োজনে আরও কঠোর ব্যবস্থা নেওয়া হবে।

(শেষের পৃষ্ঠার পর) সংশ্লিষ্ট কর্মকর্তারা জানান, বিষয়টি নিয়ে দীর্ঘদিন ধরে আলোচনা চলছিল। এ বিষয়ে সরকারের পক্ষ থেকে প্রয়োজনীয় সব ধরনের উদ্যোগ গ্রহণ করা হয়েছে। স্থানীয় প্রশাসন ও জনপ্রতিনিধিরা পরিস্থিতি পর্যবেক্ষণ করছেন এবং দ্রুত সমাধানের আশ্বাস দিয়েছেন। বিশেষজ্ঞরা বলছেন, সময়মতো পদক্ষেপ না নিলে পরিস্থিতি আরও জটিল হতে পারে। তারা আরও বলেন, দেশের অর্থনীতি ও জনজীবনে এর প্রভাব পড়তে শুরু করেছে। সংশ্লিষ্ট মন্ত্রণালয় থেকে জানানো হয়েছে, বিষয়টি গুরুত্বের সঙ্গে দেখা হচ্ছে এবং প্রয়োজনে আরও কঠোর ব্যবস্থা নেওয়া হবে।

জাতীয় কবির

(শেষের পৃষ্ঠার পর) সংশ্লিষ্ট কর্মকর্তারা জানান, বিষয়টি নিয়ে দীর্ঘদিন ধরে আলোচনা চলছিল। এ বিষয়ে সরকারের পক্ষ থেকে প্রয়োজনীয় সব ধরনের উদ্যোগ গ্রহণ করা হয়েছে। স্থানীয় প্রশাসন ও জনপ্রতিনিধিরা পরিস্থিতি পর্যবেক্ষণ করছেন এবং দ্রুত সমাধানের আশ্বাস দিয়েছেন। বিশেষজ্ঞরা বলছেন, সময়মতো পদক্ষেপ না নিলে পরিস্থিতি আরও জটিল হতে পারে। তারা আরও বলেন, দেশের অর্থনীতি ও জনজীবনে এর প্রভাব পড়তে শুরু করেছে। সংশ্লিষ্ট মন্ত্রণালয় থেকে জানানো হয়েছে, বিষয়টি গুরুত্বের সঙ্গে দেখা হচ্ছে এবং প্রয়োজনে আরও কঠোর ব্যবস্থা নেওয়া হবে।

(শেষের পৃষ্ঠার পর) সংশ্লিষ্ট কর্মকর্তারা জানান, বিষয়টি নিয়ে দীর্ঘদিন ধরে আলোচনা চলছিল। এ বিষয়ে সরকারের পক্ষ থেকে প্রয়োজনীয় সব ধরনের উদ্যোগ গ্রহণ করা হয়েছে। স্থানীয় প্রশাসন ও জনপ্রতিনিধিরা পরিস্থিতি পর্যবেক্ষণ করছেন এবং দ্রুত সমাধানের আশ্বাস দিয়েছেন। বিশেষজ্ঞরা বলছেন, সময়মতো পদক্ষেপ না নিলে পরিস্থিতি আরও জটিল হতে পারে। তারা আরও বলেন, দেশের অর্থনীতি ও জনজীবনে এর প্রভাব পড়তে শুরু করেছে। সংশ্লিষ্ট মন্ত্রণালয় থেকে জানানো হয়েছে, বিষয়টি গুরুত্বের সঙ্গে দেখা হচ্ছে এবং প্রয়োজনে আরও কঠোর ব্যবস্থা নেওয়া হবে।

বার কাউন্সিল

(শেষের পৃষ্ঠার পর) সংশ্লিষ্ট কর্মকর্তারা জানান, বিষয়টি নিয়ে দীর্ঘদিন ধরে আলোচনা চলছিল। এ বিষয়ে সরকারের পক্ষ থেকে প্রয়োজনীয় সব ধরনের উদ্যোগ গ্রহণ করা হয়েছে। স্থানীয় প্রশাসন ও জনপ্রতিনিধিরা পরিস্থিতি পর্যবেক্ষণ করছেন এবং দ্রুত সমাধানের আশ্বাস দিয়েছেন। বিশেষজ্ঞরা বলছেন, সময়মতো পদক্ষেপ না নিলে পরিস্থিতি আরও জটিল হতে পারে। তারা আরও বলেন, দেশের অর্থনীতি ও জনজীবনে এর প্রভাব পড়তে শুরু করেছে। সংশ্লিষ্ট মন্ত্রণালয় থেকে জানানো হয়েছে, বিষয়টি গুরুত্বের সঙ্গে দেখা হচ্ছে এবং প্রয়োজনে আরও কঠোর ব্যবস্থা নেওয়া হবে।

প্রত্যাবাসনের অনিশ্চয়তা

(শেষের পৃষ্ঠার পর) সংশ্লিষ্ট কর্মকর্তারা জানান, বিষয়টি নিয়ে দীর্ঘদিন ধরে আলোচনা চলছিল। এ বিষয়ে সরকারের পক্ষ থেকে প্রয়োজনীয় সব ধরনের উদ্যোগ গ্রহণ করা হয়েছে। স্থানীয় প্রশাসন ও জনপ্রতিনিধিরা পরিস্থিতি পর্যবেক্ষণ করছেন এবং দ্রুত সমাধানের আশ্বাস দিয়েছেন। বিশেষজ্ঞরা বলছেন, সময়মতো পদক্ষেপ না নিলে পরিস্থিতি আরও জটিল হতে পারে। তারা আরও বলেন, দেশের অর্থনীতি ও জনজীবনে এর প্রভাব পড়তে শুরু করেছে। সংশ্লিষ্ট মন্ত্রণালয় থেকে জানানো হয়েছে, বিষয়টি গুরুত্বের সঙ্গে দেখা হচ্ছে এবং প্রয়োজনে আরও কঠোর ব্যবস্থা নেওয়া হবে।

(শেষের পৃষ্ঠার পর) সংশ্লিষ্ট কর্মকর্তারা জানান, বিষয়টি নিয়ে দীর্ঘদিন ধরে আলোচনা চলছিল। এ বিষয়ে সরকারের পক্ষ থেকে প্রয়োজনীয় সব ধরনের উদ্যোগ গ্রহণ করা হয়েছে। স্থানীয় প্রশাসন ও জনপ্রতিনিধিরা পরিস্থিতি পর্যবেক্ষণ করছেন এবং দ্রুত সমাধানের আশ্বাস দিয়েছেন। বিশেষজ্ঞরা বলছেন, সময়মতো পদক্ষেপ না নিলে পরিস্থিতি আরও জটিল হতে পারে। তারা আরও বলেন, দেশের অর্থনীতি ও জনজীবনে এর প্রভাব পড়তে শুরু করেছে। সংশ্লিষ্ট মন্ত্রণালয় থেকে জানানো হয়েছে, বিষয়টি গুরুত্বের সঙ্গে দেখা হচ্ছে এবং প্রয়োজনে আরও কঠোর ব্যবস্থা নেওয়া হবে।

১৪ রোহিঙ্গার লাশ

(শেষের পৃষ্ঠার পর) সংশ্লিষ্ট কর্মকর্তারা জানান, বিষয়টি নিয়ে দীর্ঘদিন ধরে আলোচনা চলছিল। এ বিষয়ে সরকারের পক্ষ থেকে প্রয়োজনীয় সব ধরনের উদ্যোগ গ্রহণ করা হয়েছে। স্থানীয় প্রশাসন ও জনপ্রতিনিধিরা পরিস্থিতি পর্যবেক্ষণ করছেন এবং দ্রুত সমাধানের আশ্বাস দিয়েছেন। বিশেষজ্ঞরা বলছেন, সময়মতো পদক্ষেপ না নিলে পরিস্থিতি আরও জটিল হতে পারে। তারা আরও বলেন, দেশের অর্থনীতি ও জনজীবনে এর প্রভাব পড়তে শুরু করেছে। সংশ্লিষ্ট মন্ত্রণালয় থেকে জানানো হয়েছে, বিষয়টি গুরুত্বের সঙ্গে দেখা হচ্ছে এবং প্রয়োজনে আরও কঠোর ব্যবস্থা নেওয়া হবে।

(শেষের পৃষ্ঠার পর) সংশ্লিষ্ট কর্মকর্তারা জানান, বিষয়টি নিয়ে দীর্ঘদিন ধরে আলোচনা চলছিল। এ বিষয়ে সরকারের পক্ষ থেকে প্রয়োজনীয় সব ধরনের উদ্যোগ গ্রহণ করা হয়েছে। স্থানীয় প্রশাসন ও জনপ্রতিনিধিরা পরিস্থিতি পর্যবেক্ষণ করছেন এবং দ্রুত সমাধানের আশ্বাস দিয়েছেন। বিশেষজ্ঞরা বলছেন, সময়মতো পদক্ষেপ না নিলে পরিস্থিতি আরও জটিল হতে পারে। তারা আরও বলেন, দেশের অর্থনীতি ও জনজীবনে এর প্রভাব পড়তে শুরু করেছে। সংশ্লিষ্ট মন্ত্রণালয় থেকে জানানো হয়েছে, বিষয়টি গুরুত্বের সঙ্গে দেখা হচ্ছে এবং প্রয়োজনে আরও কঠোর ব্যবস্থা নেওয়া হবে।

বীর মুক্তিযোদ্ধা রাখাল

(শেষের পৃষ্ঠার পর) সংশ্লিষ্ট কর্মকর্তারা জানান, বিষয়টি নিয়ে দীর্ঘদিন ধরে আলোচনা চলছিল। এ বিষয়ে সরকারের পক্ষ থেকে প্রয়োজনীয় সব ধরনের উদ্যোগ গ্রহণ করা হয়েছে। স্থানীয় প্রশাসন ও জনপ্রতিনিধিরা পরিস্থিতি পর্যবেক্ষণ করছেন এবং দ্রুত সমাধানের আশ্বাস দিয়েছেন। বিশেষজ্ঞরা বলছেন, সময়মতো পদক্ষেপ না নিলে পরিস্থিতি আরও জটিল হতে পারে। তারা আরও বলেন, দেশের অর্থনীতি ও জনজীবনে এর প্রভাব পড়তে শুরু করেছে। সংশ্লিষ্ট মন্ত্রণালয় থেকে জানানো হয়েছে, বিষয়টি গুরুত্বের সঙ্গে দেখা হচ্ছে এবং প্রয়োজনে আরও কঠোর ব্যবস্থা নেওয়া হবে।

(শেষের পৃষ্ঠার পর) সংশ্লিষ্ট কর্মকর্তারা জানান, বিষয়টি নিয়ে দীর্ঘদিন ধরে আলোচনা চলছিল। এ বিষয়ে সরকারের পক্ষ থেকে প্রয়োজনীয় সব ধরনের উদ্যোগ গ্রহণ করা হয়েছে। স্থানীয় প্রশাসন ও জনপ্রতিনিধিরা পরিস্থিতি পর্যবেক্ষণ করছেন এবং দ্রুত সমাধানের আশ্বাস দিয়েছেন। বিশেষজ্ঞরা বলছেন, সময়মতো পদক্ষেপ না নিলে পরিস্থিতি আরও জটিল হতে পারে। তারা আরও বলেন, দেশের অর্থনীতি ও জনজীবনে এর প্রভাব পড়তে শুরু করেছে। সংশ্লিষ্ট মন্ত্রণালয় থেকে জানানো হয়েছে, বিষয়টি গুরুত্বের সঙ্গে দেখা হচ্ছে এবং প্রয়োজনে আরও কঠোর ব্যবস্থা নেওয়া হবে।

হজ ফ্লাইট

(শেষের পৃষ্ঠার পর) সংশ্লিষ্ট কর্মকর্তারা জানান, বিষয়টি নিয়ে দীর্ঘদিন ধরে আলোচনা চলছিল। এ বিষয়ে সরকারের পক্ষ থেকে প্রয়োজনীয় সব ধরনের উদ্যোগ গ্রহণ করা হয়েছে। স্থানীয় প্রশাসন ও জনপ্রতিনিধিরা পরিস্থিতি পর্যবেক্ষণ করছেন এবং দ্রুত সমাধানের আশ্বাস দিয়েছেন। বিশেষজ্ঞরা বলছেন, সময়মতো পদক্ষেপ না নিলে পরিস্থিতি আরও জটিল হতে পারে। তারা আরও বলেন, দেশের অর্থনীতি ও জনজীবনে এর প্রভাব পড়তে শুরু করেছে। সংশ্লিষ্ট মন্ত্রণালয় থেকে জানানো হয়েছে, বিষয়টি গুরুত্বের সঙ্গে দেখা হচ্ছে এবং প্রয়োজনে আরও কঠোর ব্যবস্থা নেওয়া হবে।

Government of People's Republic of Bangladesh
Office of the Executive Engineer
Education Engineering Department
Habiganj
E-Mail :ee_hob@eedmoe.gov.bd
Invitation for e-Tender
TENDER NOTICE NO. 11/XEN/EED/HAB/3000 School Furniture/2021-22	DATE: 23/05/2022

This is an online tender, where only e-Tender will be accepted in the National e-GP portal and no offline/hard copieswill be accepted. To submit e-Tender, who have registered in the National e-GP system portal (http://www.eprocure.gov.bd) is required.

The fees for downloading the e-Tender Documents of following Packages from the National e-GP System portal have to be deposited online through any registered Banks' branches up to the following date & Time.

Invitation Reference No	Tender ID	Package Description	Metho d	Last Date & Time of downloading Tender Documents	Tender Closing
37.07.0000.017.19.430.15.2828 Date:17-08-2021	680002	Manufacturing and Supplying of Furniture for Academic Building at Chunarughat Pilot Girls High School, Chunarughat, Habiganj. (Category-01)	NCT, OTM	07-Jun-2022 17:00:00	08-Jun-2022 12:30:00
37.07.0000.017.19.430.15.2828 Date:17-08-2021	680003	Manufacturing and Supplying of Furniture for Academic Building at Chatiain Bishwanath High School And College, Madhabpur, Habiganj. (Category-01)	NCT, OTM	07-Jun-2022 17:00:00	08-Jun-2022 12:30:00
37.07.0000.017.19.430.15.2828 Date:17-08-2021	680004	Manufacturing and Supplying of Furniture for Academic Building at Baneswar High School, Madhabpur, Habiganj. (Category-01)	NCT, OTM	07-Jun-2022 17:00:00	08-Jun-2022 12:30:00
37.07.0000.017.19.430.15.2828 Date:17-08-2021	680005	Manufacturing and Supplying of Furniture for Academic Building at Krishnapur Komlamoye High School, Lakhai, Habiganj. (Category-01)	NCT, OTM	07-Jun-2022 17:00:00	08-Jun-2022 12:30:00
37.07.0000.017.19.430.15.2828 Date:17-08-2021	680006	Manufacturing and Supplying of Furniture for Academic Building at Muriauk High School, Lakhai, Habiganj. (Category-01)	NCT, OTM	07-Jun-2022 17:00:00	08-Jun-2022 12:30:00
37.07.0000.017.19.430.15.2828 Date:17-08-2021	680007	Manufacturing and Supplying of Furniture for Academic Building at Telikhal Adarsha High School, Sadar, Habiganj. (Category-01)	NCT, OTM	07-Jun-2022 17:00:00	08-Jun-2022 12:30:00
37.07.0000.017.19.430.15.2828 Date:17-08-2021	680009	Manufacturing and Supplying of Furniture for Academic Building at Uchail High School, Sadar, Habiganj. (Category-01)	NCT, OTM	07-Jun-2022 17:00:00	08-Jun-2022 12:30:00
37.07.0000.017.19.430.15.2828 Date:17-08-2021	680010	Manufacturing and Supplying of Furniture for Academic Building at Tarap High School, Sadar, Habiganj. (Category-01)	NCT, OTM	07-Jun-2022 17:00:00	08-Jun-2022 12:30:00
Further information and guidelines are available in the National e-GP System Portal and from e-GP help desk(helpdesk@eprocure.gov.bd)
(Ariful Islam Khan)
Executive Engineer
Education Engineering
Department
Habiganj.
জি-১১৬৩/২২ (৯.৫ X ৪)
